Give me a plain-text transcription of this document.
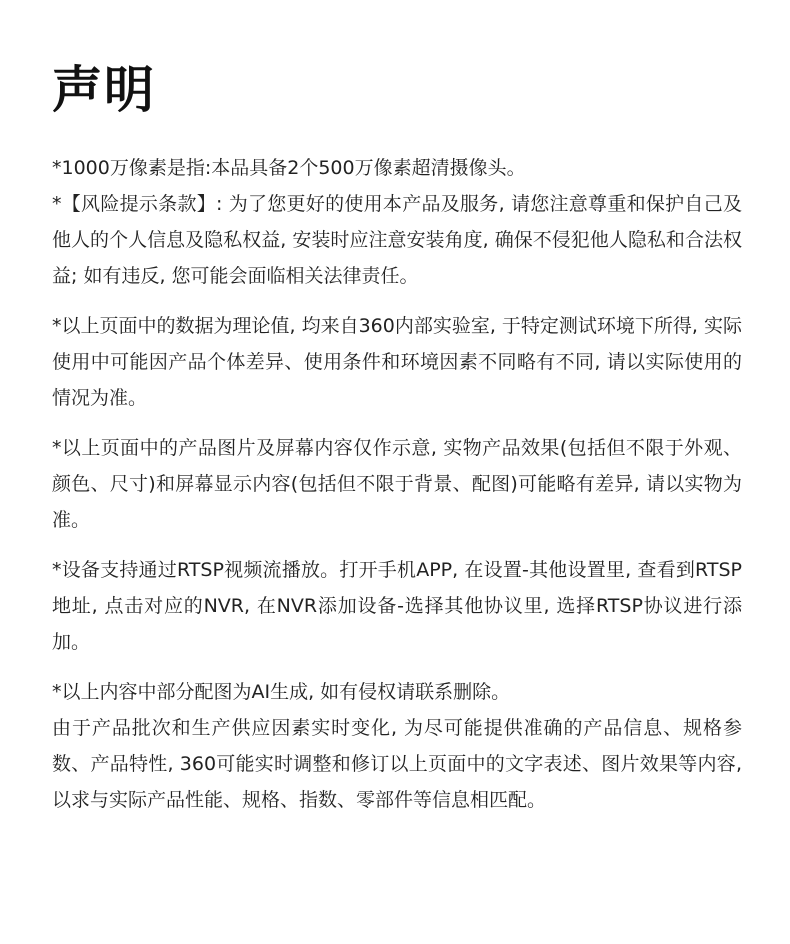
声明

*1000万像素是指:本品具备2个500万像素超清摄像头。

*【风险提示条款】: 为了您更好的使用本产品及服务, 请您注意尊重和保护自己及他人的个人信息及隐私权益, 安装时应注意安装角度, 确保不侵犯他人隐私和合法权益; 如有违反, 您可能会面临相关法律责任。

*以上页面中的数据为理论值, 均来自360内部实验室, 于特定测试环境下所得, 实际使用中可能因产品个体差异、使用条件和环境因素不同略有不同, 请以实际使用的情况为准。

*以上页面中的产品图片及屏幕内容仅作示意, 实物产品效果(包括但不限于外观、颜色、尺寸)和屏幕显示内容(包括但不限于背景、配图)可能略有差异, 请以实物为准。

*设备支持通过RTSP视频流播放。打开手机APP, 在设置-其他设置里, 查看到RTSP地址, 点击对应的NVR, 在NVR添加设备-选择其他协议里, 选择RTSP协议进行添加。

*以上内容中部分配图为AI生成, 如有侵权请联系删除。

由于产品批次和生产供应因素实时变化, 为尽可能提供准确的产品信息、规格参数、产品特性, 360可能实时调整和修订以上页面中的文字表述、图片效果等内容, 以求与实际产品性能、规格、指数、零部件等信息相匹配。
